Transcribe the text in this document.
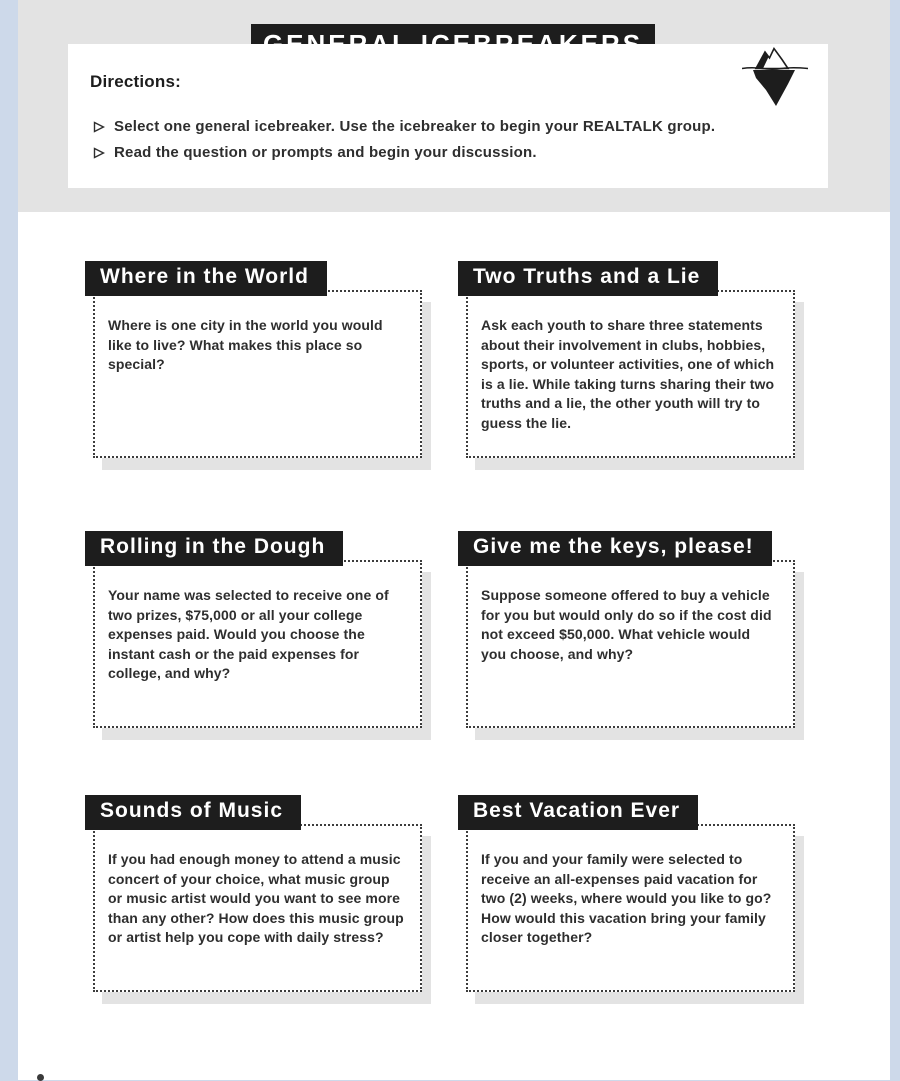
Directions:
Select one general icebreaker. Use the icebreaker to begin your REALTALK group.
Read the question or prompts and begin your discussion.
Where in the World
Where is one city in the world you would like to live? What makes this place so special?
Two Truths and a Lie
Ask each youth to share three statements about their involvement in clubs, hobbies, sports, or volunteer activities, one of which is a lie. While taking turns sharing their two truths and a lie, the other youth will try to guess the lie.
Rolling in the Dough
Your name was selected to receive one of two prizes, $75,000 or all your college expenses paid. Would you choose the instant cash or the paid expenses for college, and why?
Give me the keys, please!
Suppose someone offered to buy a vehicle for you but would only do so if the cost did not exceed $50,000. What vehicle would you choose, and why?
Sounds of Music
If you had enough money to attend a music concert of your choice, what music group or music artist would you want to see more than any other? How does this music group or artist help you cope with daily stress?
Best Vacation Ever
If you and your family were selected to receive an all-expenses paid vacation for two (2) weeks, where would you like to go? How would this vacation bring your family closer together?
